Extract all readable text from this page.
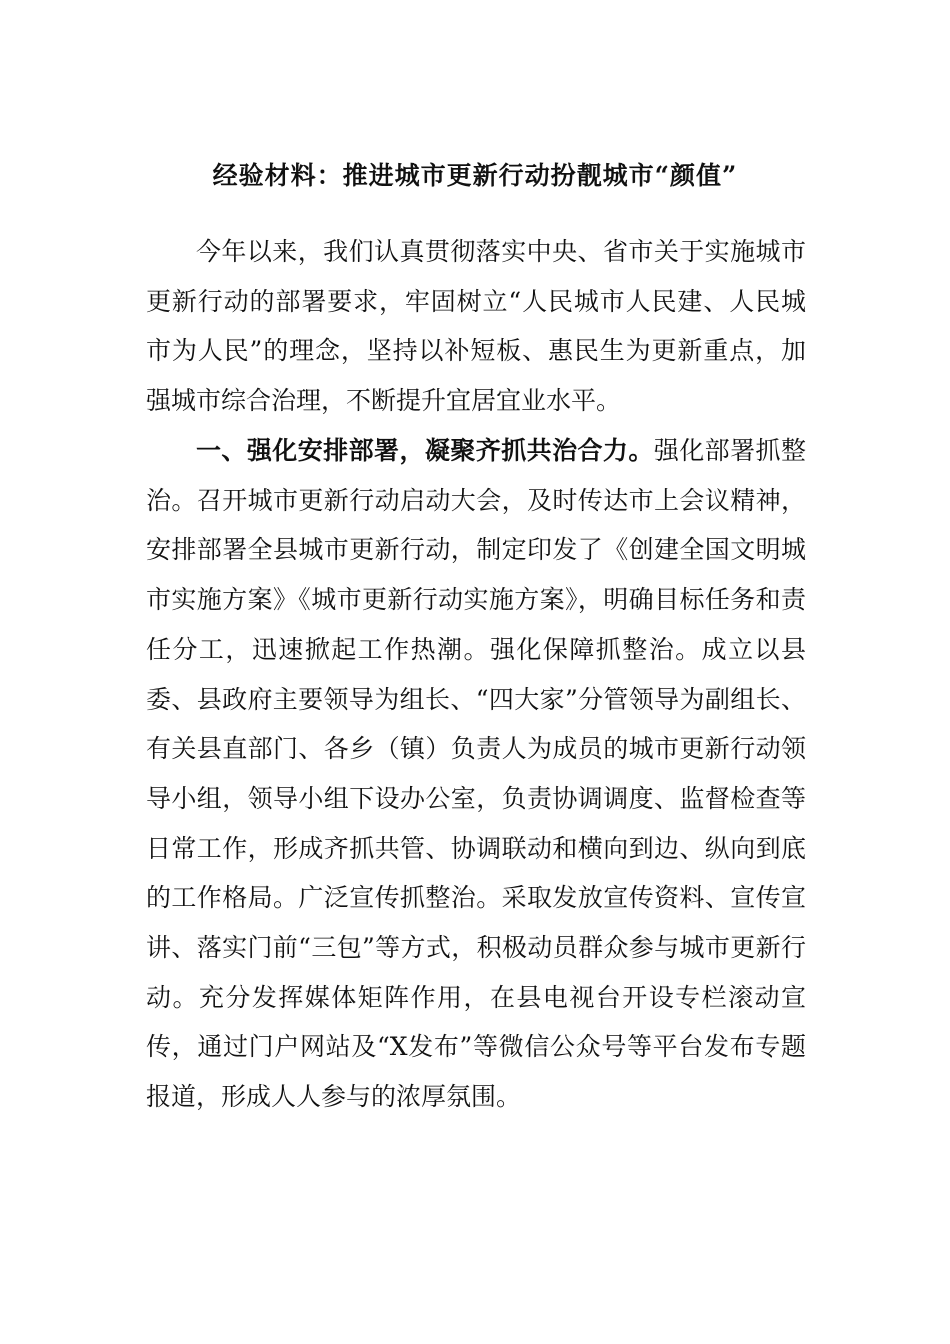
经验材料：推进城市更新行动扮靓城市“颜值”

今年以来，我们认真贯彻落实中央、省市关于实施城市更新行动的部署要求，牢固树立“人民城市人民建、人民城市为人民”的理念，坚持以补短板、惠民生为更新重点，加强城市综合治理，不断提升宜居宜业水平。

一、强化安排部署，凝聚齐抓共治合力。强化部署抓整治。召开城市更新行动启动大会，及时传达市上会议精神，安排部署全县城市更新行动，制定印发了《创建全国文明城市实施方案》《城市更新行动实施方案》，明确目标任务和责任分工，迅速掀起工作热潮。强化保障抓整治。成立以县委、县政府主要领导为组长、“四大家”分管领导为副组长、有关县直部门、各乡（镇）负责人为成员的城市更新行动领导小组，领导小组下设办公室，负责协调调度、监督检查等日常工作，形成齐抓共管、协调联动和横向到边、纵向到底的工作格局。广泛宣传抓整治。采取发放宣传资料、宣传宣讲、落实门前“三包”等方式，积极动员群众参与城市更新行动。充分发挥媒体矩阵作用，在县电视台开设专栏滚动宣传，通过门户网站及“X发布”等微信公众号等平台发布专题报道，形成人人参与的浓厚氛围。
